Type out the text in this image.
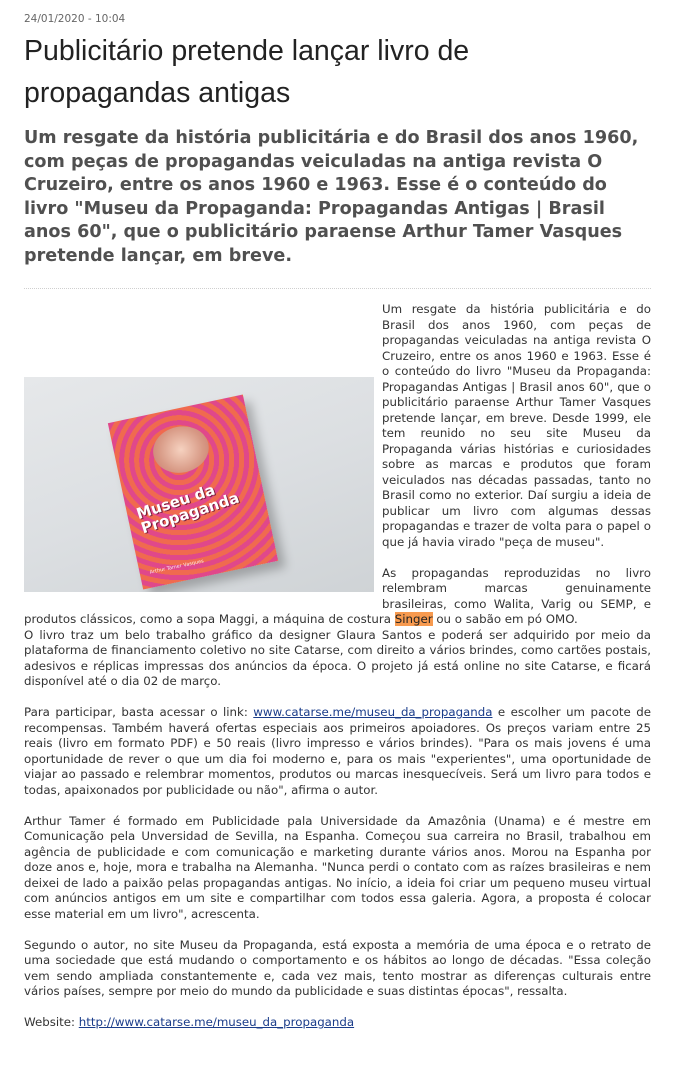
24/01/2020 - 10:04
Publicitário pretende lançar livro de propagandas antigas
Um resgate da história publicitária e do Brasil dos anos 1960, com peças de propagandas veiculadas na antiga revista O Cruzeiro, entre os anos 1960 e 1963. Esse é o conteúdo do livro "Museu da Propaganda: Propagandas Antigas | Brasil anos 60", que o publicitário paraense Arthur Tamer Vasques pretende lançar, em breve.
Museu da Propaganda
Arthur Tamer Vasques

Um resgate da história publicitária e do Brasil dos anos 1960, com peças de propagandas veiculadas na antiga revista O Cruzeiro, entre os anos 1960 e 1963. Esse é o conteúdo do livro "Museu da Propaganda: Propagandas Antigas | Brasil anos 60", que o publicitário paraense Arthur Tamer Vasques pretende lançar, em breve. Desde 1999, ele tem reunido no seu site Museu da Propaganda várias histórias e curiosidades sobre as marcas e produtos que foram veiculados nas décadas passadas, tanto no Brasil como no exterior. Daí surgiu a ideia de publicar um livro com algumas dessas propagandas e trazer de volta para o papel o que já havia virado "peça de museu".

As propagandas reproduzidas no livro relembram marcas genuinamente brasileiras, como Walita, Varig ou SEMP, e produtos clássicos, como a sopa Maggi, a máquina de costura Singer ou o sabão em pó OMO.

O livro traz um belo trabalho gráfico da designer Glaura Santos e poderá ser adquirido por meio da plataforma de financiamento coletivo no site Catarse, com direito a vários brindes, como cartões postais, adesivos e réplicas impressas dos anúncios da época. O projeto já está online no site Catarse, e ficará disponível até o dia 02 de março.

Para participar, basta acessar o link: www.catarse.me/museu_da_propaganda e escolher um pacote de recompensas. Também haverá ofertas especiais aos primeiros apoiadores. Os preços variam entre 25 reais (livro em formato PDF) e 50 reais (livro impresso e vários brindes). "Para os mais jovens é uma oportunidade de rever o que um dia foi moderno e, para os mais "experientes", uma oportunidade de viajar ao passado e relembrar momentos, produtos ou marcas inesquecíveis. Será um livro para todos e todas, apaixonados por publicidade ou não", afirma o autor.

Arthur Tamer é formado em Publicidade pala Universidade da Amazônia (Unama) e é mestre em Comunicação pela Unversidad de Sevilla, na Espanha. Começou sua carreira no Brasil, trabalhou em agência de publicidade e com comunicação e marketing durante vários anos. Morou na Espanha por doze anos e, hoje, mora e trabalha na Alemanha. "Nunca perdi o contato com as raízes brasileiras e nem deixei de lado a paixão pelas propagandas antigas. No início, a ideia foi criar um pequeno museu virtual com anúncios antigos em um site e compartilhar com todos essa galeria. Agora, a proposta é colocar esse material em um livro", acrescenta.

Segundo o autor, no site Museu da Propaganda, está exposta a memória de uma época e o retrato de uma sociedade que está mudando o comportamento e os hábitos ao longo de décadas. "Essa coleção vem sendo ampliada constantemente e, cada vez mais, tento mostrar as diferenças culturais entre vários países, sempre por meio do mundo da publicidade e suas distintas épocas", ressalta.

Website: http://www.catarse.me/museu_da_propaganda
